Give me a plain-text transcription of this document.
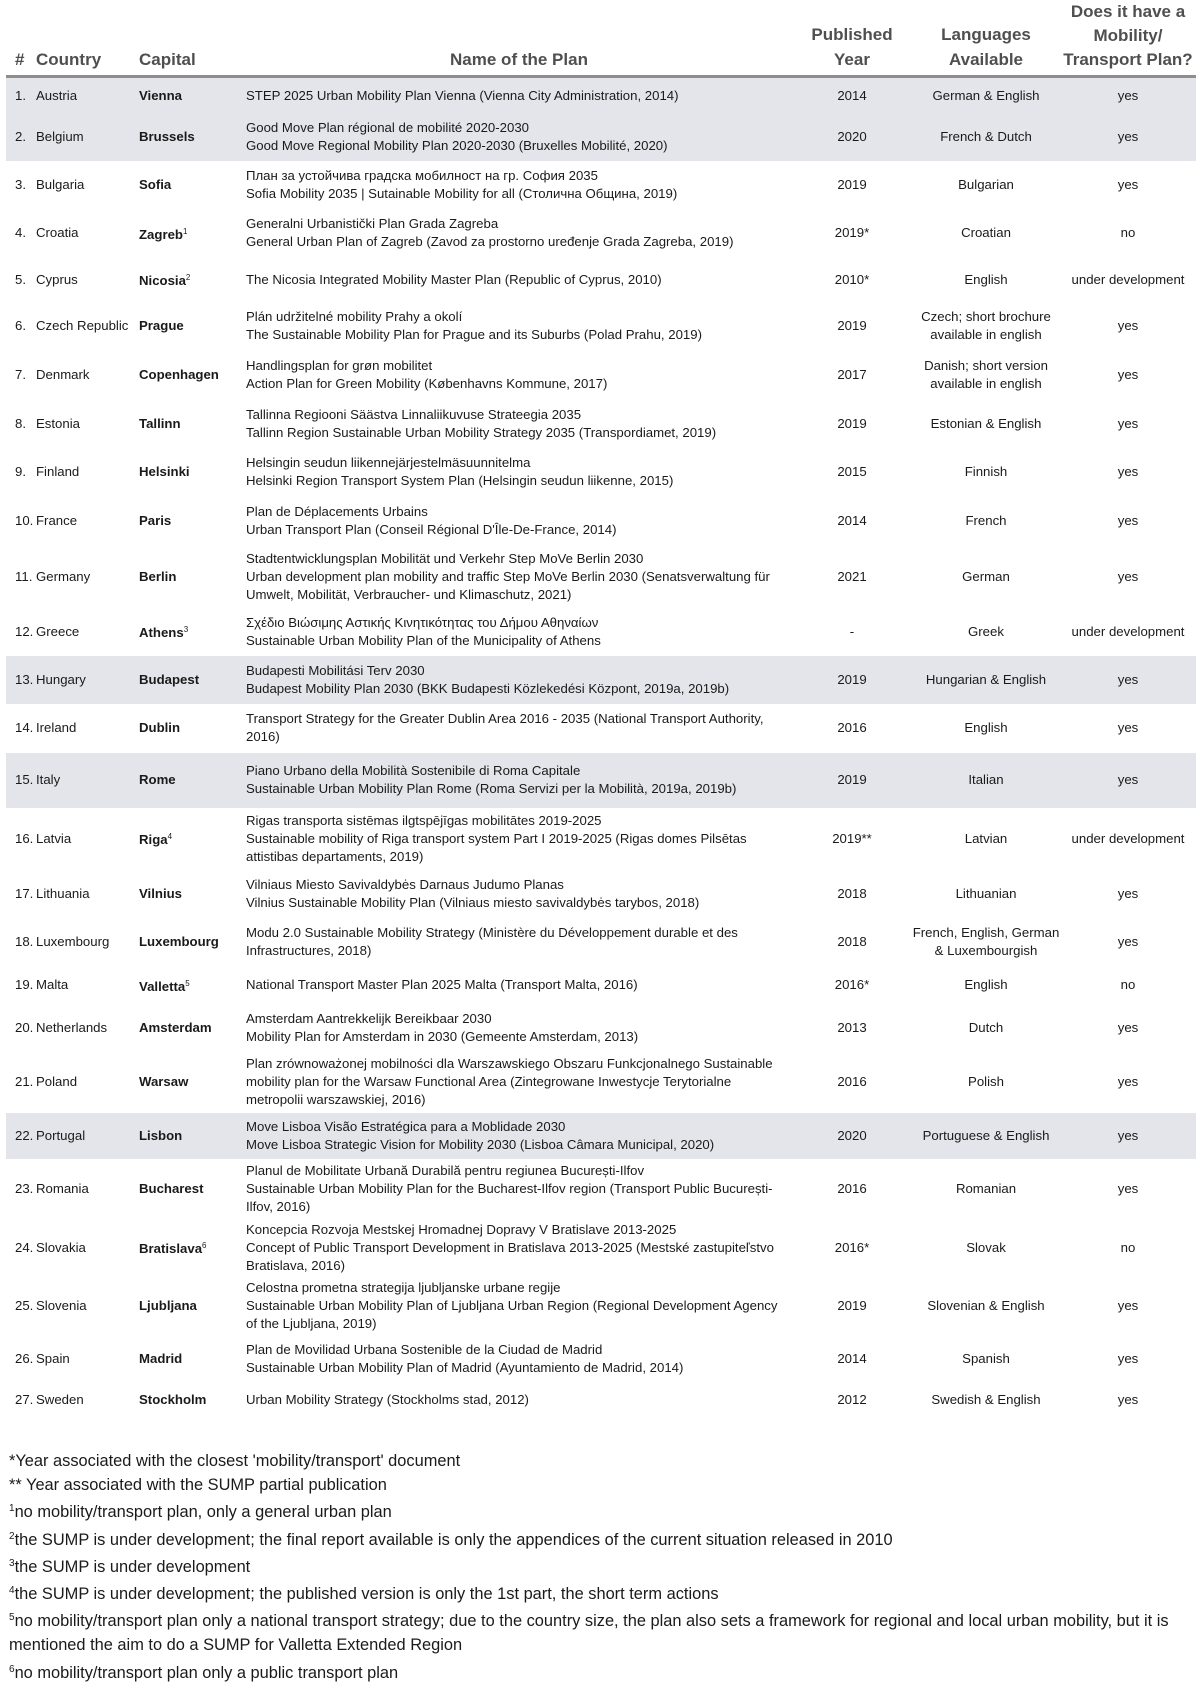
#	Country	Capital	Name of the Plan	Published Year	Languages Available	Does it have a Mobility/ Transport Plan?
1.	Austria	Vienna	STEP 2025 Urban Mobility Plan Vienna (Vienna City Administration, 2014)	2014	German & English	yes
2.	Belgium	Brussels	Good Move Plan régional de mobilité 2020-2030
Good Move Regional Mobility Plan 2020-2030 (Bruxelles Mobilité, 2020)	2020	French & Dutch	yes
3.	Bulgaria	Sofia	План за устойчива градска мобилност на гр. София 2035
Sofia Mobility 2035 | Sutainable Mobility for all (Столична Община, 2019)	2019	Bulgarian	yes
4.	Croatia	Zagreb$^1$	Generalni Urbanistički Plan Grada Zagreba
General Urban Plan of Zagreb (Zavod za prostorno uređenje Grada Zagreba, 2019)	2019*	Croatian	no
5.	Cyprus	Nicosia$^2$	The Nicosia Integrated Mobility Master Plan (Republic of Cyprus, 2010)	2010*	English	under development
6.	Czech Republic	Prague	Plán udržitelné mobility Prahy a okolí
The Sustainable Mobility Plan for Prague and its Suburbs (Polad Prahu, 2019)	2019	Czech; short brochure available in english	yes
7.	Denmark	Copenhagen	Handlingsplan for grøn mobilitet
Action Plan for Green Mobility (Københavns Kommune, 2017)	2017	Danish; short version available in english	yes
8.	Estonia	Tallinn	Tallinna Regiooni Säästva Linnaliikuvuse Strateegia 2035
Tallinn Region Sustainable Urban Mobility Strategy 2035 (Transpordiamet, 2019)	2019	Estonian & English	yes
9.	Finland	Helsinki	Helsingin seudun liikennejärjestelmäsuunnitelma
Helsinki Region Transport System Plan (Helsingin seudun liikenne, 2015)	2015	Finnish	yes
10.	France	Paris	Plan de Déplacements Urbains
Urban Transport Plan (Conseil Régional D'Île-De-France, 2014)	2014	French	yes
11.	Germany	Berlin	Stadtentwicklungsplan Mobilität und Verkehr Step MoVe Berlin 2030
Urban development plan mobility and traffic Step MoVe Berlin 2030 (Senatsverwaltung für Umwelt, Mobilität, Verbraucher- und Klimaschutz, 2021)	2021	German	yes
12.	Greece	Athens$^3$	Σχέδιο Βιώσιμης Αστικής Κινητικότητας του Δήμου Αθηναίων
Sustainable Urban Mobility Plan of the Municipality of Athens	-	Greek	under development
13.	Hungary	Budapest	Budapesti Mobilitási Terv 2030
Budapest Mobility Plan 2030 (BKK Budapesti Közlekedési Központ, 2019a, 2019b)	2019	Hungarian & English	yes
14.	Ireland	Dublin	Transport Strategy for the Greater Dublin Area 2016 - 2035 (National Transport Authority, 2016)	2016	English	yes
15.	Italy	Rome	Piano Urbano della Mobilità Sostenibile di Roma Capitale
Sustainable Urban Mobility Plan Rome (Roma Servizi per la Mobilità, 2019a, 2019b)	2019	Italian	yes
16.	Latvia	Riga$^4$	Rigas transporta sistēmas ilgtspējīgas mobilitātes 2019-2025
Sustainable mobility of Riga transport system Part I 2019-2025 (Rigas domes Pilsētas attistibas departaments, 2019)	2019**	Latvian	under development
17.	Lithuania	Vilnius	Vilniaus Miesto Savivaldybės Darnaus Judumo Planas
Vilnius Sustainable Mobility Plan (Vilniaus miesto savivaldybės tarybos, 2018)	2018	Lithuanian	yes
18.	Luxembourg	Luxembourg	Modu 2.0 Sustainable Mobility Strategy (Ministère du Développement durable et des Infrastructures, 2018)	2018	French, English, German & Luxembourgish	yes
19.	Malta	Valletta$^5$	National Transport Master Plan 2025 Malta (Transport Malta, 2016)	2016*	English	no
20.	Netherlands	Amsterdam	Amsterdam Aantrekkelijk Bereikbaar 2030
Mobility Plan for Amsterdam in 2030 (Gemeente Amsterdam, 2013)	2013	Dutch	yes
21.	Poland	Warsaw	Plan zrównoważonej mobilności dla Warszawskiego Obszaru Funkcjonalnego Sustainable mobility plan for the Warsaw Functional Area (Zintegrowane Inwestycje Terytorialne metropolii warszawskiej, 2016)	2016	Polish	yes
22.	Portugal	Lisbon	Move Lisboa Visão Estratégica para a Moblidade 2030
Move Lisboa Strategic Vision for Mobility 2030 (Lisboa Câmara Municipal, 2020)	2020	Portuguese & English	yes
23.	Romania	Bucharest	Planul de Mobilitate Urbană Durabilă pentru regiunea București-Ilfov
Sustainable Urban Mobility Plan for the Bucharest-Ilfov region (Transport Public București-Ilfov, 2016)	2016	Romanian	yes
24.	Slovakia	Bratislava$^6$	Koncepcia Rozvoja Mestskej Hromadnej Dopravy V Bratislave 2013-2025
Concept of Public Transport Development in Bratislava 2013-2025 (Mestské zastupiteľstvo Bratislava, 2016)	2016*	Slovak	no
25.	Slovenia	Ljubljana	Celostna prometna strategija ljubljanske urbane regije
Sustainable Urban Mobility Plan of Ljubljana Urban Region (Regional Development Agency of the Ljubljana, 2019)	2019	Slovenian & English	yes
26.	Spain	Madrid	Plan de Movilidad Urbana Sostenible de la Ciudad de Madrid
Sustainable Urban Mobility Plan of Madrid (Ayuntamiento de Madrid, 2014)	2014	Spanish	yes
27.	Sweden	Stockholm	Urban Mobility Strategy (Stockholms stad, 2012)	2012	Swedish & English	yes
*Year associated with the closest 'mobility/transport' document
** Year associated with the SUMP partial publication
$^1$no mobility/transport plan, only a general urban plan
$^2$the SUMP is under development; the final report available is only the appendices of the current situation released in 2010
$^3$the SUMP is under development
$^4$the SUMP is under development; the published version is only the 1st part, the short term actions
$^5$no mobility/transport plan only a national transport strategy; due to the country size, the plan also sets a framework for regional and local urban mobility, but it is mentioned the aim to do a SUMP for Valletta Extended Region
$^6$no mobility/transport plan only a public transport plan
